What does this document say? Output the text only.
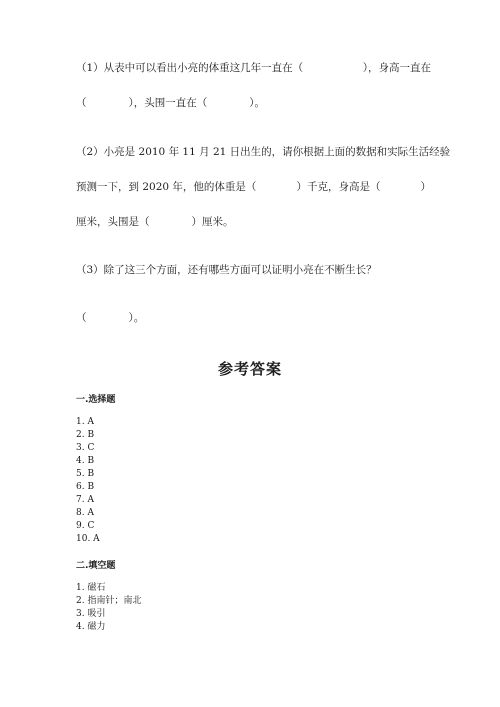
（1）从表中可以看出小亮的体重这几年一直在（	），身高一直在
（　　　　），头围一直在（　　　　）。
（2）小亮是 2010 年 11 月 21 日出生的，请你根据上面的数据和实际生活经验
预测一下，到 2020 年，他的体重是（	）千克，身高是（	）
厘米，头围是（　　　　）厘米。
（3）除了这三个方面，还有哪些方面可以证明小亮在不断生长？
（　　　　）。
参考答案
一.选择题
1. A
2. B
3. C
4. B
5. B
6. B
7. A
8. A
9. C
10. A
二.填空题
1. 磁石
2. 指南针；南北
3. 吸引
4. 磁力
